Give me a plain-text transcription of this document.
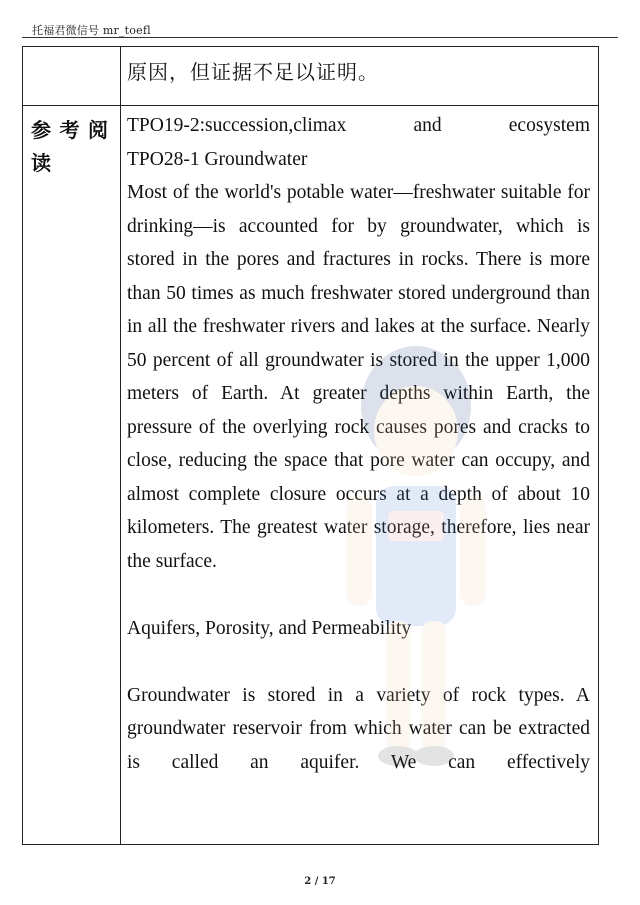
托福君微信号 mr_toefl

	原因，但证据不足以证明。

参考阅读	TPO19-2:succession,climax and ecosystem

TPO28-1 Groundwater

Most of the world's potable water—freshwater suitable for drinking—is accounted for by groundwater, which is stored in the pores and fractures in rocks. There is more than 50 times as much freshwater stored underground than in all the freshwater rivers and lakes at the surface. Nearly 50 percent of all groundwater is stored in the upper 1,000 meters of Earth. At greater depths within Earth, the pressure of the overlying rock causes pores and cracks to close, reducing the space that pore water can occupy, and almost complete closure occurs at a depth of about 10 kilometers. The greatest water storage, therefore, lies near the surface.

Aquifers, Porosity, and Permeability

Groundwater is stored in a variety of rock types. A groundwater reservoir from which water can be extracted is called an aquifer. We can effectively

2 / 17
